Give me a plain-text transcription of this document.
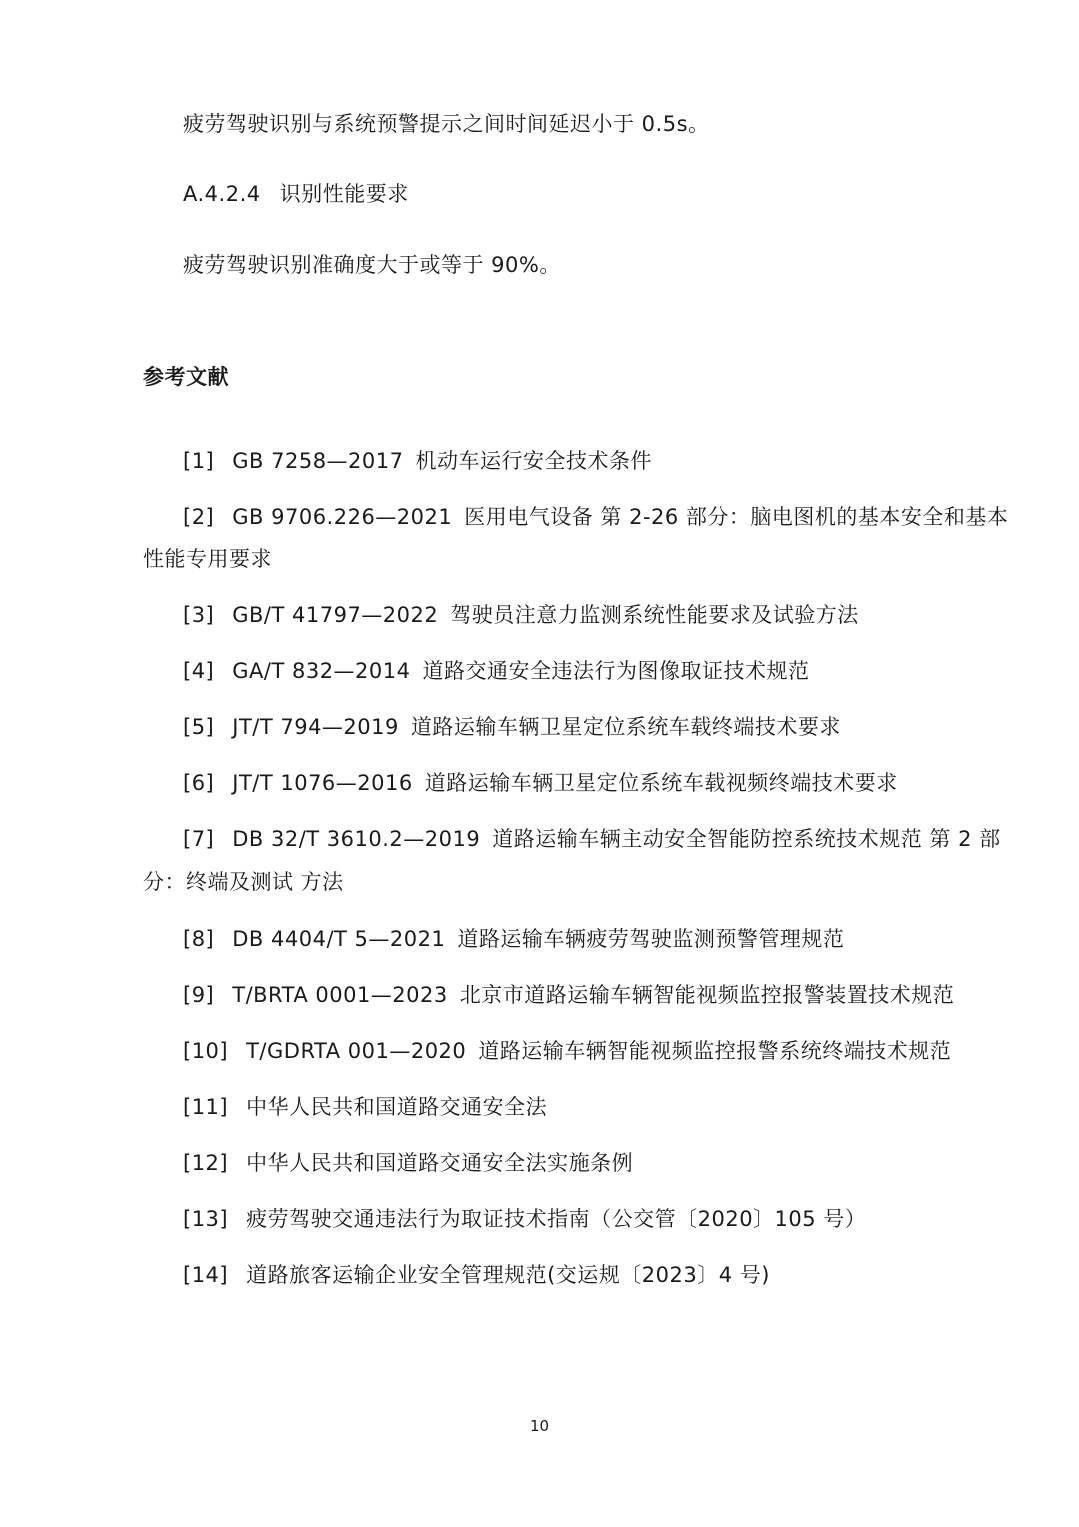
疲劳驾驶识别与系统预警提示之间时间延迟小于 0.5s。
A.4.2.4 识别性能要求
疲劳驾驶识别准确度大于或等于 90%。
参考文献
[1] GB 7258—2017 机动车运行安全技术条件
[2] GB 9706.226—2021 医用电气设备 第 2-26 部分：脑电图机的基本安全和基本
性能专用要求
[3] GB/T 41797—2022 驾驶员注意力监测系统性能要求及试验方法
[4] GA/T 832—2014 道路交通安全违法行为图像取证技术规范
[5] JT/T 794—2019 道路运输车辆卫星定位系统车载终端技术要求
[6] JT/T 1076—2016 道路运输车辆卫星定位系统车载视频终端技术要求
[7] DB 32/T 3610.2—2019 道路运输车辆主动安全智能防控系统技术规范 第 2 部
分：终端及测试 方法
[8] DB 4404/T 5—2021 道路运输车辆疲劳驾驶监测预警管理规范
[9] T/BRTA 0001—2023 北京市道路运输车辆智能视频监控报警装置技术规范
[10] T/GDRTA 001—2020 道路运输车辆智能视频监控报警系统终端技术规范
[11] 中华人民共和国道路交通安全法
[12] 中华人民共和国道路交通安全法实施条例
[13] 疲劳驾驶交通违法行为取证技术指南（公交管〔2020〕105 号）
[14] 道路旅客运输企业安全管理规范(交运规〔2023〕4 号)
10
